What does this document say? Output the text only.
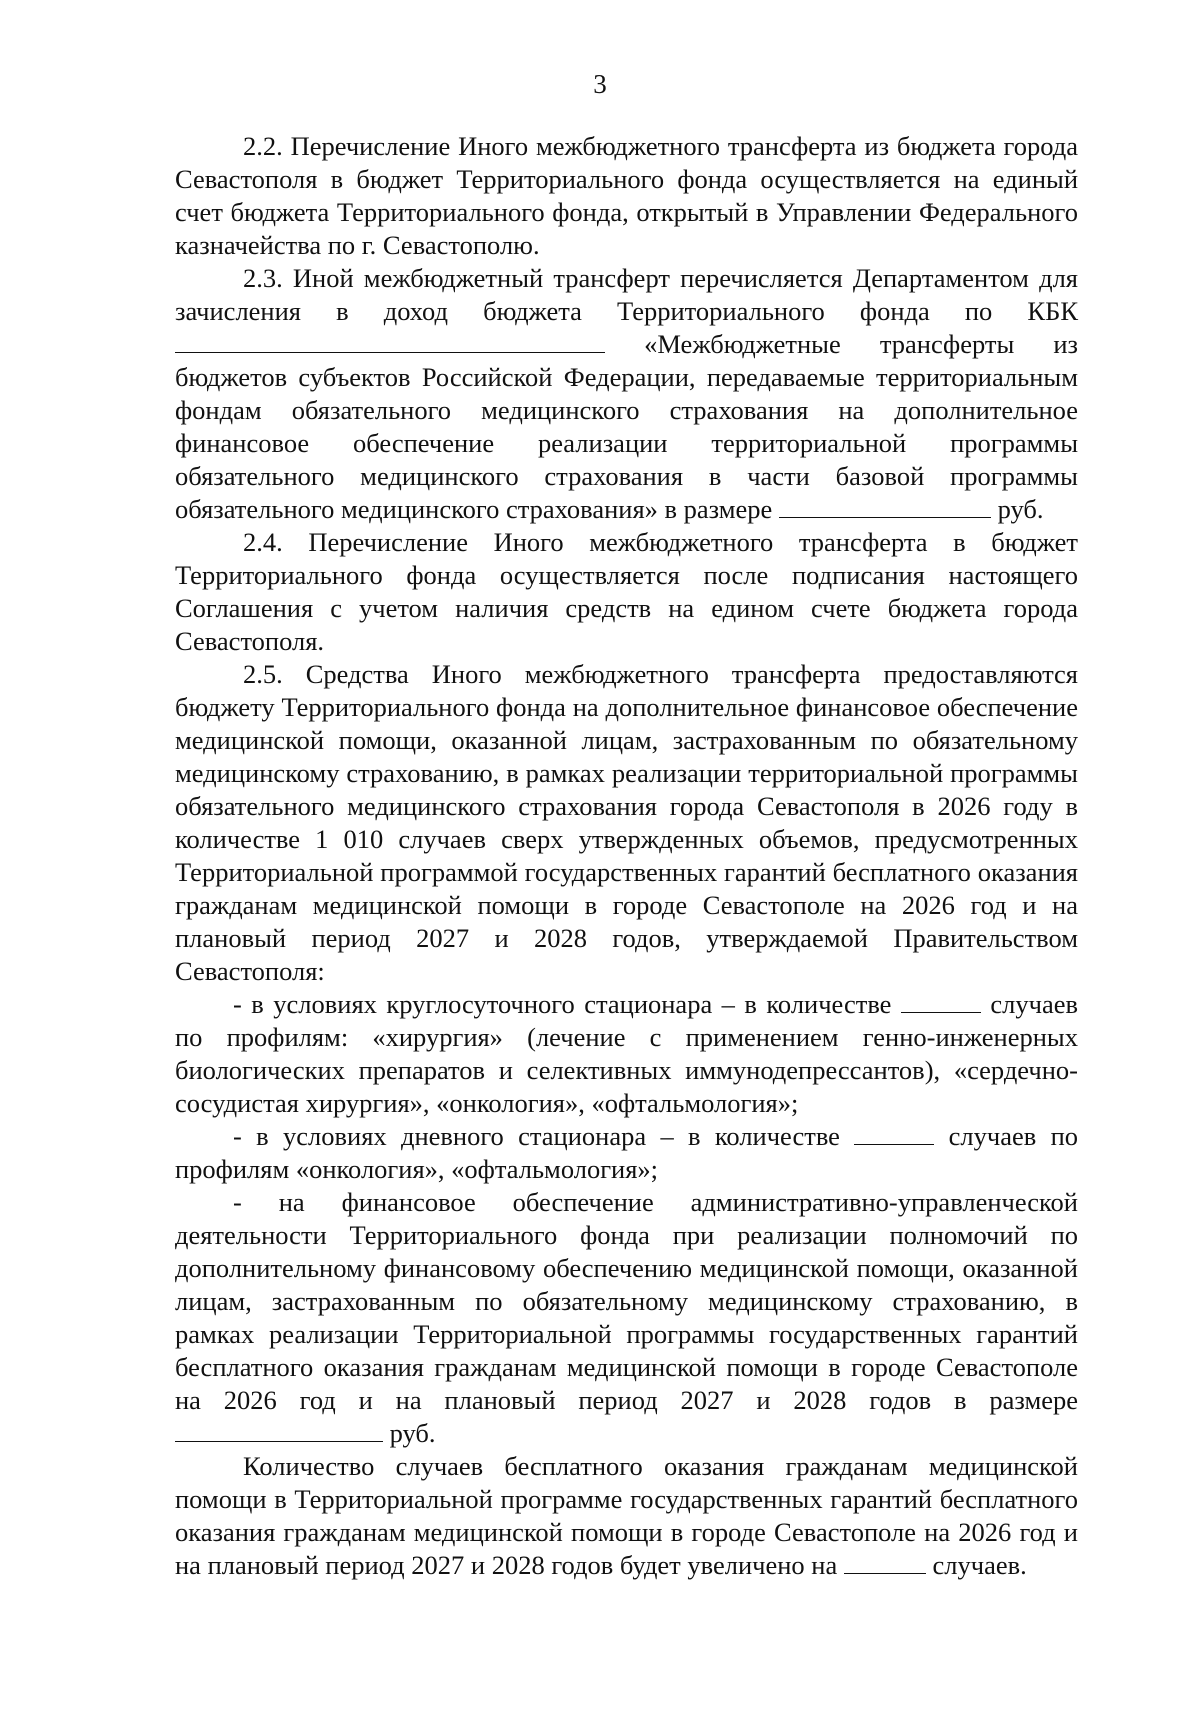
3

2.2. Перечисление Иного межбюджетного трансферта из бюджета города Севастополя в бюджет Территориального фонда осуществляется на единый счет бюджета Территориального фонда, открытый в Управлении Федерального казначейства по г. Севастополю.

2.3. Иной межбюджетный трансферт перечисляется Департаментом для зачисления в доход бюджета Территориального фонда по КБК  «Межбюджетные трансферты из бюджетов субъектов Российской Федерации, передаваемые территориальным фондам обязательного медицинского страхования на дополнительное финансовое обеспечение реализации территориальной программы обязательного медицинского страхования в части базовой программы обязательного медицинского страхования» в размере	руб.

2.4. Перечисление Иного межбюджетного трансферта в бюджет Территориального фонда осуществляется после подписания настоящего Соглашения с учетом наличия средств на едином счете бюджета города Севастополя.

2.5. Средства Иного межбюджетного трансферта предоставляются бюджету Территориального фонда на дополнительное финансовое обеспечение медицинской помощи, оказанной лицам, застрахованным по обязательному медицинскому страхованию, в рамках реализации территориальной программы обязательного медицинского страхования города Севастополя в 2026 году в количестве 1 010 случаев сверх утвержденных объемов, предусмотренных Территориальной программой государственных гарантий бесплатного оказания гражданам медицинской помощи в городе Севастополе на 2026 год и на плановый период 2027 и 2028 годов, утверждаемой Правительством Севастополя:

- в условиях круглосуточного стационара – в количестве	случаев по профилям: «хирургия» (лечение с применением генно-инженерных биологических препаратов и селективных иммунодепрессантов), «сердечно-сосудистая хирургия», «онкология», «офтальмология»;

- в условиях дневного стационара – в количестве	случаев по профилям «онкология», «офтальмология»;

- на финансовое обеспечение административно-управленческой деятельности Территориального фонда при реализации полномочий по дополнительному финансовому обеспечению медицинской помощи, оказанной лицам, застрахованным по обязательному медицинскому страхованию, в рамках реализации Территориальной программы государственных гарантий бесплатного оказания гражданам медицинской помощи в городе Севастополе на 2026 год и на плановый период 2027 и 2028 годов в размере  руб.

Количество случаев бесплатного оказания гражданам медицинской помощи в Территориальной программе государственных гарантий бесплатного оказания гражданам медицинской помощи в городе Севастополе на 2026 год и на плановый период 2027 и 2028 годов будет увеличено на	случаев.
